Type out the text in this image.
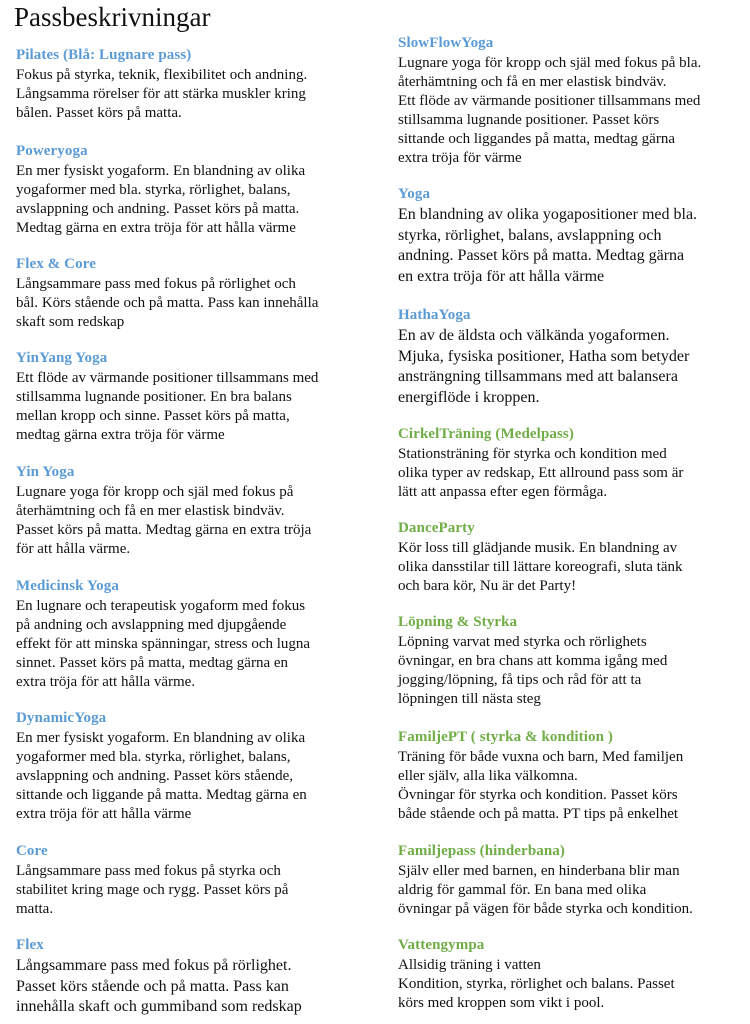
Passbeskrivningar
Pilates (Blå: Lugnare pass)

Fokus på styrka, teknik, flexibilitet och andning.
Långsamma rörelser för att stärka muskler kring
bålen. Passet körs på matta.

Poweryoga

En mer fysiskt yogaform. En blandning av olika
yogaformer med bla. styrka, rörlighet, balans,
avslappning och andning. Passet körs på matta.
Medtag gärna en extra tröja för att hålla värme

Flex & Core

Långsammare pass med fokus på rörlighet och
bål. Körs stående och på matta. Pass kan innehålla
skaft som redskap

YinYang Yoga

Ett flöde av värmande positioner tillsammans med
stillsamma lugnande positioner. En bra balans
mellan kropp och sinne. Passet körs på matta,
medtag gärna extra tröja för värme

Yin Yoga

Lugnare yoga för kropp och själ med fokus på
återhämtning och få en mer elastisk bindväv.
Passet körs på matta. Medtag gärna en extra tröja
för att hålla värme.

Medicinsk Yoga

En lugnare och terapeutisk yogaform med fokus
på andning och avslappning med djupgående
effekt för att minska spänningar, stress och lugna
sinnet. Passet körs på matta, medtag gärna en
extra tröja för att hålla värme.

DynamicYoga

En mer fysiskt yogaform. En blandning av olika
yogaformer med bla. styrka, rörlighet, balans,
avslappning och andning. Passet körs stående,
sittande och liggande på matta. Medtag gärna en
extra tröja för att hålla värme

Core

Långsammare pass med fokus på styrka och
stabilitet kring mage och rygg. Passet körs på
matta.

Flex

Långsammare pass med fokus på rörlighet.
Passet körs stående och på matta. Pass kan
innehålla skaft och gummiband som redskap

SlowFlowYoga

Lugnare yoga för kropp och själ med fokus på bla.
återhämtning och få en mer elastisk bindväv.
Ett flöde av värmande positioner tillsammans med
stillsamma lugnande positioner. Passet körs
sittande och liggandes på matta, medtag gärna
extra tröja för värme

Yoga

En blandning av olika yogapositioner med bla.
styrka, rörlighet, balans, avslappning och
andning. Passet körs på matta. Medtag gärna
en extra tröja för att hålla värme

HathaYoga

En av de äldsta och välkända yogaformen.
Mjuka, fysiska positioner, Hatha som betyder
ansträngning tillsammans med att balansera
energiflöde i kroppen.

CirkelTräning (Medelpass)

Stationsträning för styrka och kondition med
olika typer av redskap, Ett allround pass som är
lätt att anpassa efter egen förmåga.

DanceParty

Kör loss till glädjande musik. En blandning av
olika dansstilar till lättare koreografi, sluta tänk
och bara kör, Nu är det Party!

Löpning & Styrka

Löpning varvat med styrka och rörlighets
övningar, en bra chans att komma igång med
jogging/löpning, få tips och råd för att ta
löpningen till nästa steg

FamiljePT ( styrka & kondition )

Träning för både vuxna och barn, Med familjen
eller själv, alla lika välkomna.
Övningar för styrka och kondition. Passet körs
både stående och på matta. PT tips på enkelhet

Familjepass (hinderbana)

Själv eller med barnen, en hinderbana blir man
aldrig för gammal för. En bana med olika
övningar på vägen för både styrka och kondition.

Vattengympa

Allsidig träning i vatten
Kondition, styrka, rörlighet och balans. Passet
körs med kroppen som vikt i pool.
